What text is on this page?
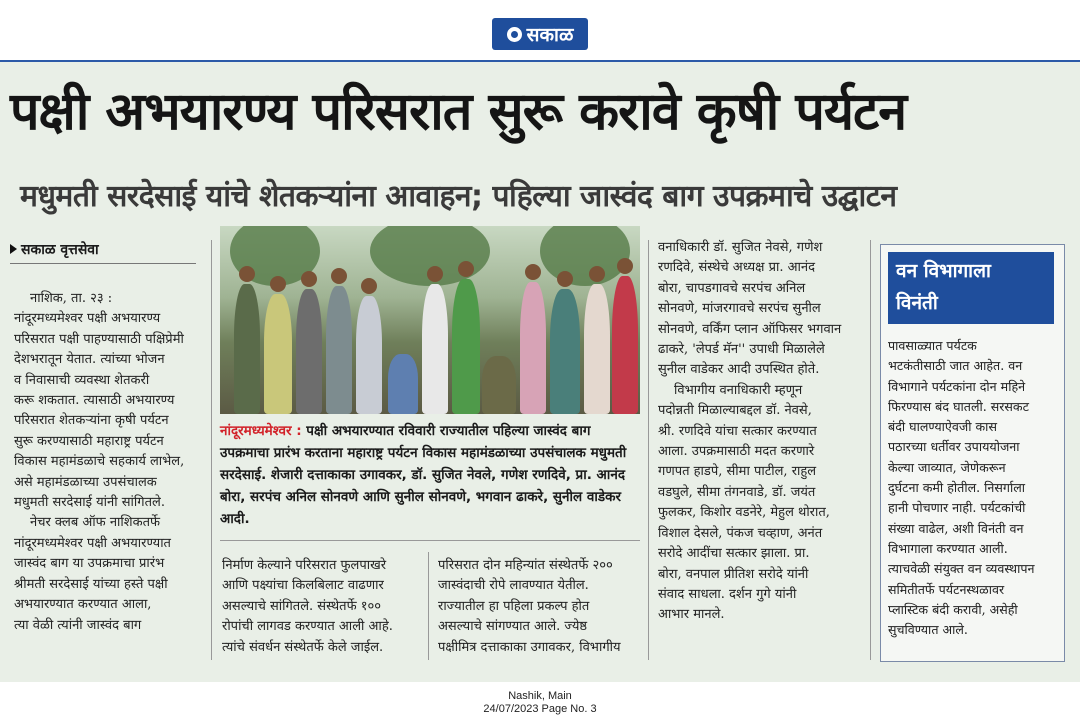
सकाळ
पक्षी अभयारण्य परिसरात सुरू करावे कृषी पर्यटन
मधुमती सरदेसाई यांचे शेतकऱ्यांना आवाहन; पहिल्या जास्वंद बाग उपक्रमाचे उद्घाटन
सकाळ वृत्तसेवा
नाशिक, ता. २३ :
नांदूरमध्यमेश्‍वर पक्षी अभयारण्य
परिसरात पक्षी पाहण्यासाठी पक्षिप्रेमी
देशभरातून येतात. त्यांच्या भोजन
व निवासाची व्यवस्था शेतकरी
करू शकतात. त्यासाठी अभयारण्य
परिसरात शेतकऱ्यांना कृषी पर्यटन
सुरू करण्यासाठी महाराष्ट्र पर्यटन
विकास महामंडळाचे सहकार्य लाभेल,
असे महामंडळाच्या उपसंचालक
मधुमती सरदेसाई यांनी सांगितले.
नेचर क्लब ऑफ नाशिकतर्फे
नांदूरमध्यमेश्‍वर पक्षी अभयारण्यात
जास्वंद बाग या उपक्रमाचा प्रारंभ
श्रीमती सरदेसाई यांच्या हस्ते पक्षी
अभयारण्यात करण्यात आला,
त्या वेळी त्यांनी जास्वंद बाग
नांदूरमध्यमेश्‍वर : पक्षी अभयारण्यात रविवारी राज्यातील पहिल्या जास्वंद बाग उपक्रमाचा प्रारंभ करताना महाराष्ट्र पर्यटन विकास महामंडळाच्या उपसंचालक मधुमती सरदेसाई. शेजारी दत्ताकाका उगावकर, डॉ. सुजित नेवले, गणेश रणदिवे, प्रा. आनंद बोरा, सरपंच अनिल सोनवणे आणि सुनील सोनवणे, भगवान ढाकरे, सुनील वाडेकर आदी.
निर्माण केल्याने परिसरात फुलपाखरे
आणि पक्ष्यांचा किलबिलाट वाढणार
असल्याचे सांगितले. संस्थेतर्फे १००
रोपांची लागवड करण्यात आली आहे.
त्यांचे संवर्धन संस्थेतर्फे केले जाईल.
परिसरात दोन महिन्यांत संस्थेतर्फे २००
जास्वंदाची रोपे लावण्यात येतील.
राज्यातील हा पहिला प्रकल्प होत
असल्याचे सांगण्यात आले. ज्येष्ठ
पक्षीमित्र दत्ताकाका उगावकर, विभागीय
वनाधिकारी डॉ. सुजित नेवसे, गणेश
रणदिवे, संस्थेचे अध्यक्ष प्रा. आनंद
बोरा, चापडगावचे सरपंच अनिल
सोनवणे, मांजरगावचे सरपंच सुनील
सोनवणे, वर्किंग प्लान ऑफिसर भगवान
ढाकरे, 'लेपर्ड मॅन'' उपाधी मिळालेले
सुनील वाडेकर आदी उपस्थित होते.
विभागीय वनाधिकारी म्हणून
पदोन्नती मिळाल्याबद्दल डॉ. नेवसे,
श्री. रणदिवे यांचा सत्कार करण्यात
आला. उपक्रमासाठी मदत करणारे
गणपत हाडपे, सीमा पाटील, राहुल
वडघुले, सीमा तंगनवाडे, डॉ. जयंत
फुलकर, किशोर वडनेरे, मेहुल थोरात,
विशाल देसले, पंकज चव्हाण, अनंत
सरोदे आदींचा सत्कार झाला. प्रा.
बोरा, वनपाल प्रीतिश सरोदे यांनी
संवाद साधला. दर्शन गुगे यांनी
आभार मानले.
वन विभागाला
विनंती
पावसाळ्यात पर्यटक
भटकंतीसाठी जात आहेत. वन
विभागाने पर्यटकांना दोन महिने
फिरण्यास बंद घातली. सरसकट
बंदी घालण्याऐवजी कास
पठारच्या धर्तीवर उपाययोजना
केल्या जाव्यात, जेणेकरून
दुर्घटना कमी होतील. निसर्गाला
हानी पोचणार नाही. पर्यटकांची
संख्या वाढेल, अशी विनंती वन
विभागाला करण्यात आली.
त्याचवेळी संयुक्त वन व्यवस्थापन
समितीतर्फे पर्यटनस्थळावर
प्लास्टिक बंदी करावी, असेही
सुचविण्यात आले.
Nashik, Main
24/07/2023 Page No. 3
